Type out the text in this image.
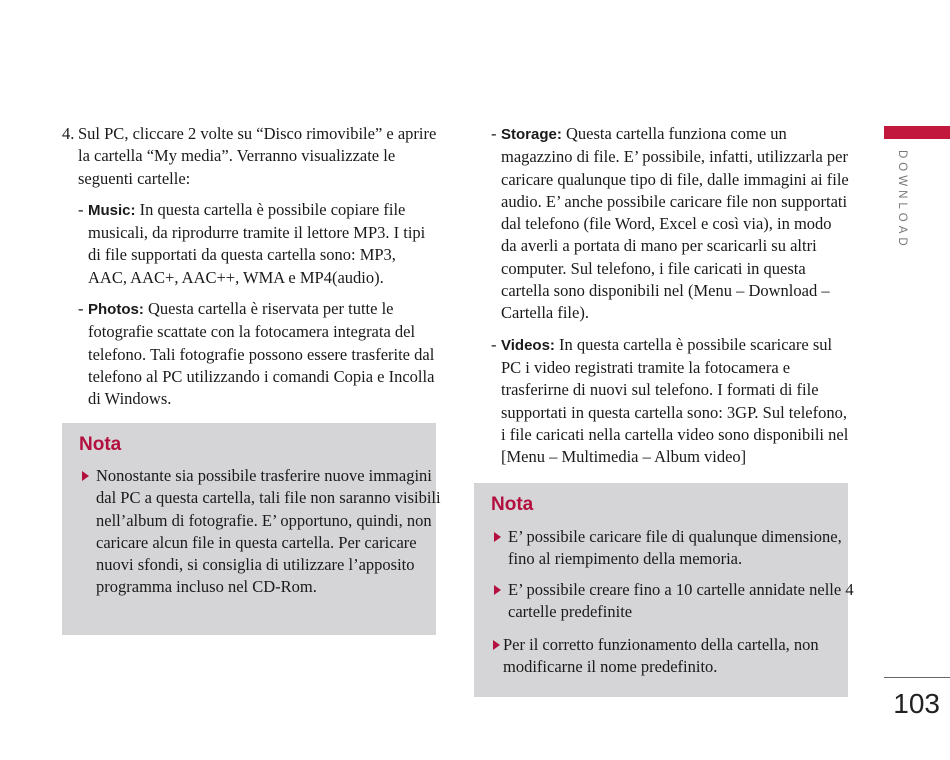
4. Sul PC, cliccare 2 volte su “Disco rimovibile” e aprire la cartella “My media”. Verranno visualizzate le seguenti cartelle:
- Music: In questa cartella è possibile copiare file musicali, da riprodurre tramite il lettore MP3. I tipi di file supportati da questa cartella sono: MP3, AAC, AAC+, AAC++, WMA e MP4(audio).
- Photos: Questa cartella è riservata per tutte le fotografie scattate con la fotocamera integrata del telefono. Tali fotografie possono essere trasferite dal telefono al PC utilizzando i comandi Copia e Incolla di Windows.
Nota
Nonostante sia possibile trasferire nuove immagini dal PC a questa cartella, tali file non saranno visibili nell’album di fotografie. E’ opportuno, quindi, non caricare alcun file in questa cartella. Per caricare nuovi sfondi, si consiglia di utilizzare l’apposito programma incluso nel CD-Rom.
- Storage: Questa cartella funziona come un magazzino di file. E’ possibile, infatti, utilizzarla per caricare qualunque tipo di file, dalle immagini ai file audio. E’ anche possibile caricare file non supportati dal telefono (file Word, Excel e così via), in modo da averli a portata di mano per scaricarli su altri computer. Sul telefono, i file caricati in questa cartella sono disponibili nel (Menu – Download – Cartella file).
- Videos: In questa cartella è possibile scaricare sul PC i video registrati tramite la fotocamera e trasferirne di nuovi sul telefono. I formati di file supportati in questa cartella sono: 3GP. Sul telefono, i file caricati nella cartella video sono disponibili nel [Menu – Multimedia – Album video]
Nota
E’ possibile caricare file di qualunque dimensione, fino al riempimento della memoria.
E’ possibile creare fino a 10 cartelle annidate nelle 4 cartelle predefinite
Per il corretto funzionamento della cartella, non modificarne il nome predefinito.
DOWNLOAD
103
